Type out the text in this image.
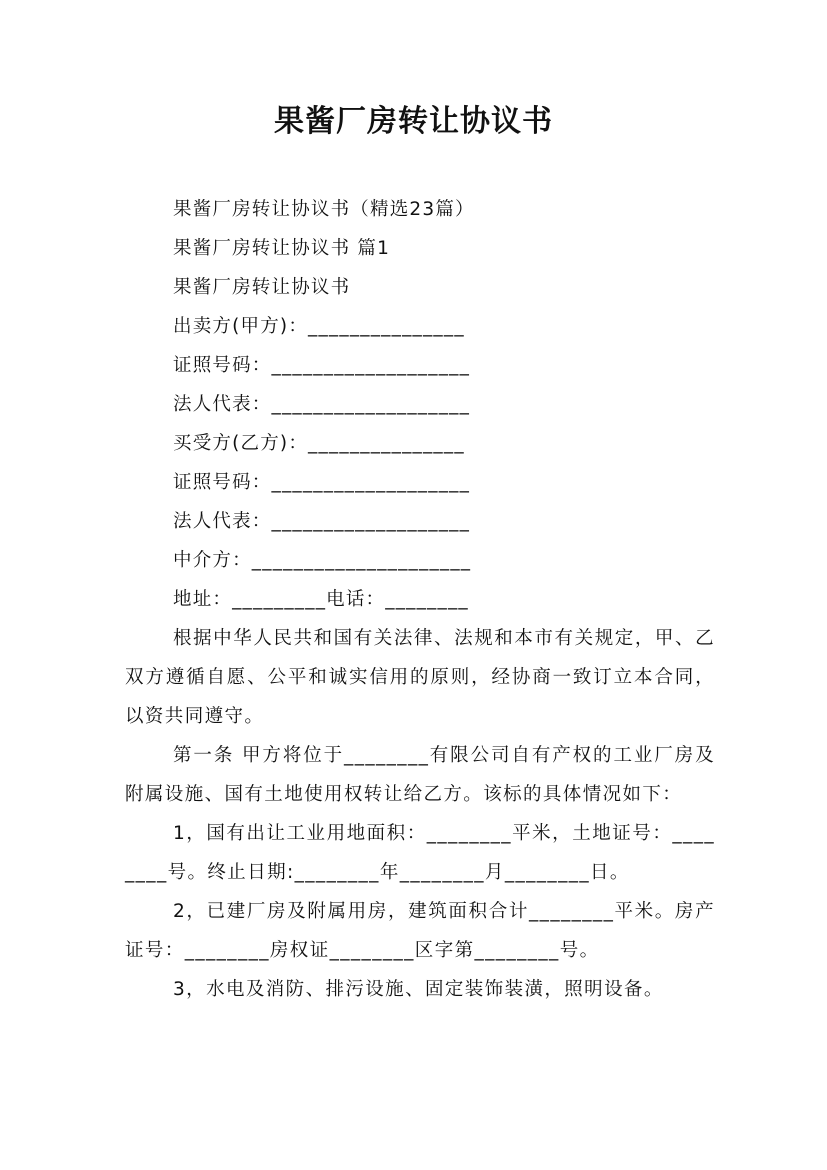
果酱厂房转让协议书
果酱厂房转让协议书（精选23篇）
果酱厂房转让协议书 篇1
果酱厂房转让协议书
出卖方(甲方)：_______________
证照号码：___________________
法人代表：___________________
买受方(乙方)：_______________
证照号码：___________________
法人代表：___________________
中介方：_____________________
地址：_________电话：________
根据中华人民共和国有关法律、法规和本市有关规定，甲、乙双方遵循自愿、公平和诚实信用的原则，经协商一致订立本合同，以资共同遵守。
第一条 甲方将位于________有限公司自有产权的工业厂房及附属设施、国有土地使用权转让给乙方。该标的具体情况如下：
1，国有出让工业用地面积：________平米，土地证号：________号。终止日期:________年________月________日。
2，已建厂房及附属用房，建筑面积合计________平米。房产证号：________房权证________区字第________号。
3，水电及消防、排污设施、固定装饰装潢，照明设备。
